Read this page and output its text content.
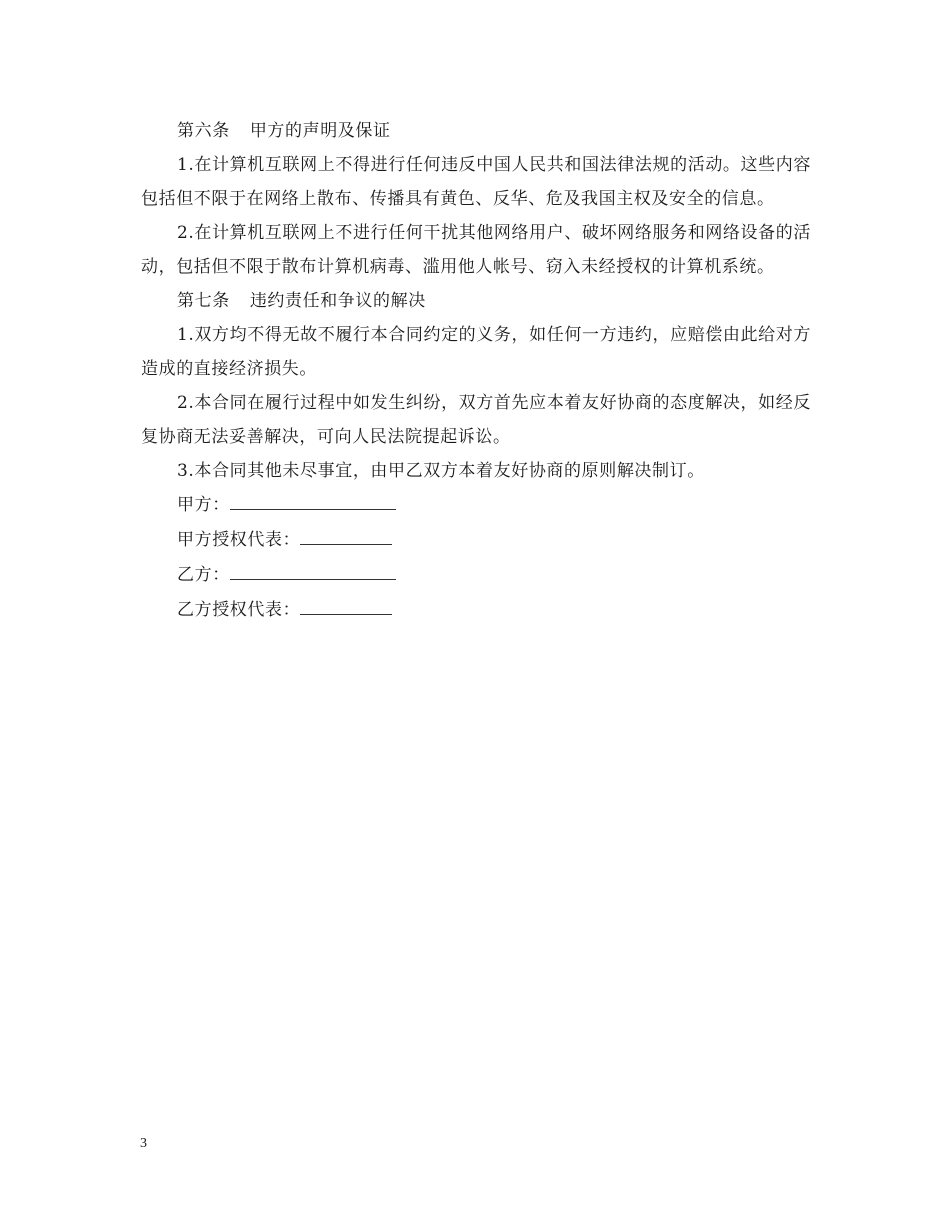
第六条 甲方的声明及保证

1.在计算机互联网上不得进行任何违反中国人民共和国法律法规的活动。这些内容包括但不限于在网络上散布、传播具有黄色、反华、危及我国主权及安全的信息。

2.在计算机互联网上不进行任何干扰其他网络用户、破坏网络服务和网络设备的活动，包括但不限于散布计算机病毒、滥用他人帐号、窃入未经授权的计算机系统。

第七条 违约责任和争议的解决

1.双方均不得无故不履行本合同约定的义务，如任何一方违约，应赔偿由此给对方造成的直接经济损失。

2.本合同在履行过程中如发生纠纷，双方首先应本着友好协商的态度解决，如经反复协商无法妥善解决，可向人民法院提起诉讼。

3.本合同其他未尽事宜，由甲乙双方本着友好协商的原则解决制订。

甲方：
甲方授权代表：
乙方：
乙方授权代表：
3
